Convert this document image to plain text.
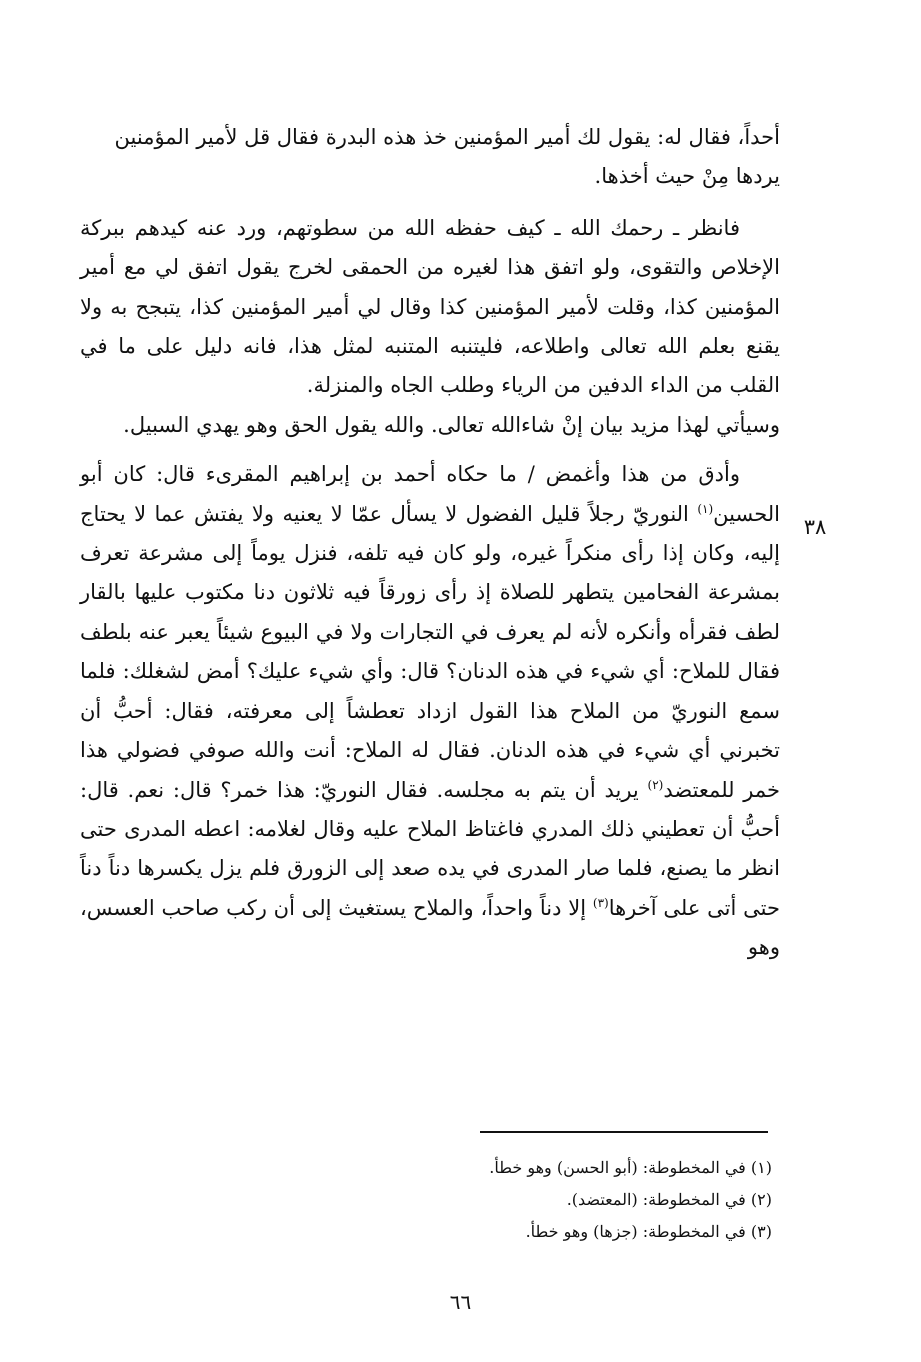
أحداً، فقال له: يقول لك أمير المؤمنين خذ هذه البدرة فقال قل لأمير المؤمنين
يردها مِنْ حيث أخذها.

فانظر ـ رحمك الله ـ كيف حفظه الله من سطوتهم، ورد عنه كيدهم ببركة الإخلاص والتقوى، ولو اتفق هذا لغيره من الحمقى لخرج يقول اتفق لي مع أمير المؤمنين كذا، وقلت لأمير المؤمنين كذا وقال لي أمير المؤمنين كذا، يتبجح به ولا يقنع بعلم الله تعالى واطلاعه، فليتنبه المتنبه لمثل هذا، فانه دليل على ما في القلب من الداء الدفين من الرياء وطلب الجاه والمنزلة.

وسيأتي لهذا مزيد بيان إنْ شاءالله تعالى. والله يقول الحق وهو يهدي السبيل.

وأدق من هذا وأغمض / ما حكاه أحمد بن إبراهيم المقرىء قال: كان أبو الحسين$^{(١)}$ النوريّ رجلاً قليل الفضول لا يسأل عمّا لا يعنيه ولا يفتش عما لا يحتاج إليه، وكان إذا رأى منكراً غيره، ولو كان فيه تلفه، فنزل يوماً إلى مشرعة تعرف بمشرعة الفحامين يتطهر للصلاة إذ رأى زورقاً فيه ثلاثون دنا مكتوب عليها بالقار لطف فقرأه وأنكره لأنه لم يعرف في التجارات ولا في البيوع شيئاً يعبر عنه بلطف فقال للملاح: أي شيء في هذه الدنان؟ قال: وأي شيء عليك؟ أمض لشغلك: فلما سمع النوريّ من الملاح هذا القول ازداد تعطشاً إلى معرفته، فقال: أحبُّ أن تخبرني أي شيء في هذه الدنان. فقال له الملاح: أنت والله صوفي فضولي هذا خمر للمعتضد$^{(٢)}$ يريد أن يتم به مجلسه. فقال النوريّ: هذا خمر؟ قال: نعم. قال: أحبُّ أن تعطيني ذلك المدري فاغتاظ الملاح عليه وقال لغلامه: اعطه المدرى حتى انظر ما يصنع، فلما صار المدرى في يده صعد إلى الزورق فلم يزل يكسرها دناً دناً حتى أتى على آخرها$^{(٣)}$ إلا دناً واحداً، والملاح يستغيث إلى أن ركب صاحب العسس، وهو

٣٨

(١) في المخطوطة: (أبو الحسن) وهو خطأ.

(٢) في المخطوطة: (المعتضد).

(٣) في المخطوطة: (جزها) وهو خطأ.

٦٦
